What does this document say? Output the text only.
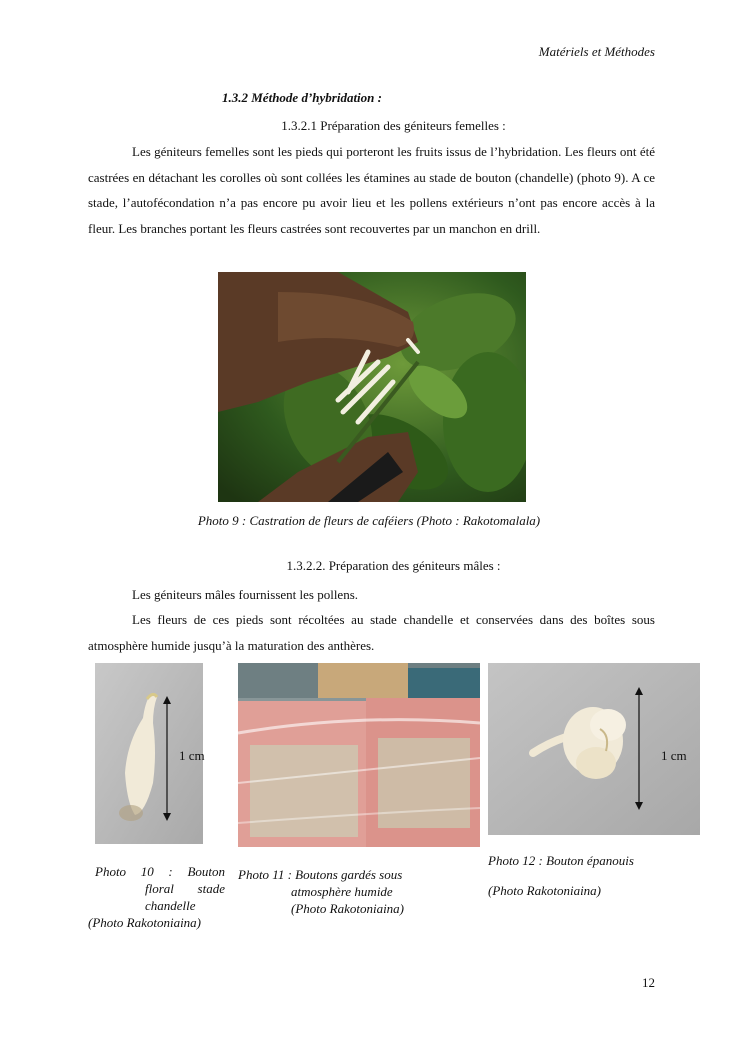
Matériels et Méthodes
1.3.2 Méthode d’hybridation :
1.3.2.1 Préparation des géniteurs femelles :
Les géniteurs femelles sont les pieds qui porteront les fruits issus de l’hybridation. Les fleurs ont été castrées en détachant les corolles où sont collées les étamines au stade de bouton (chandelle) (photo 9). A ce stade, l’autofécondation n’a pas encore pu avoir lieu et les pollens extérieurs n’ont pas encore accès à la fleur. Les branches portant les fleurs castrées sont recouvertes par un manchon en drill.
Photo 9 : Castration de fleurs de caféiers (Photo : Rakotomalala)
1.3.2.2. Préparation des géniteurs mâles :
Les géniteurs mâles fournissent les pollens.
Les fleurs de ces pieds sont récoltées au stade chandelle et conservées dans des boîtes sous atmosphère humide jusqu’à la maturation des anthères.
1 cm	1 cm
Photo 10 : Bouton
floral stade
chandelle
(Photo Rakotoniaina)
Photo 11 : Boutons gardés sous
atmosphère humide
(Photo Rakotoniaina)
Photo 12 : Bouton épanouis
(Photo Rakotoniaina)
12
